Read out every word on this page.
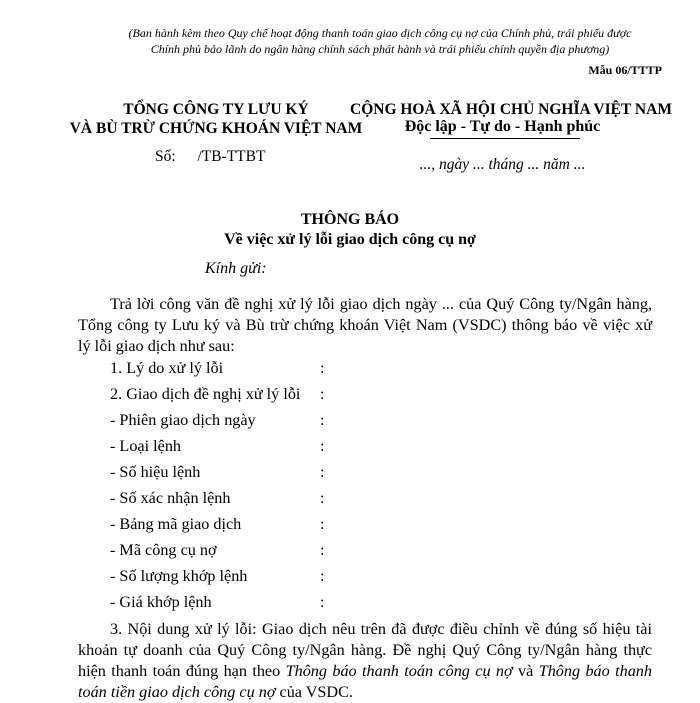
(Ban hành kèm theo Quy chế hoạt động thanh toán giao dịch công cụ nợ của Chính phủ, trái phiếu được
Chính phủ bảo lãnh do ngân hàng chính sách phát hành và trái phiếu chính quyền địa phương)
Mẫu 06/TTTP
TỔNG CÔNG TY LƯU KÝ
VÀ BÙ TRỪ CHỨNG KHOÁN VIỆT NAM
CỘNG HOÀ XÃ HỘI CHỦ NGHĨA VIỆT NAM
Độc lập - Tự do - Hạnh phúc
Số: /TB-TTBT	..., ngày ... tháng ... năm ...
THÔNG BÁO
Về việc xử lý lỗi giao dịch công cụ nợ
Kính gửi:
Trả lời công văn đề nghị xử lý lỗi giao dịch ngày ... của Quý Công ty/Ngân hàng,
Tổng công ty Lưu ký và Bù trừ chứng khoán Việt Nam (VSDC) thông báo về việc xử
lý lỗi giao dịch như sau:
1. Lý do xử lý lỗi	:
2. Giao dịch đề nghị xử lý lỗi :
- Phiên giao dịch ngày	:
- Loại lệnh	:
- Số hiệu lệnh	:
- Số xác nhận lệnh	:
- Bảng mã giao dịch	:
- Mã công cụ nợ	:
- Số lượng khớp lệnh	:
- Giá khớp lệnh	:
3. Nội dung xử lý lỗi: Giao dịch nêu trên đã được điều chỉnh về đúng số hiệu tài
khoản tự doanh của Quý Công ty/Ngân hàng. Đề nghị Quý Công ty/Ngân hàng thực
hiện thanh toán đúng hạn theo Thông báo thanh toán công cụ nợ và Thông báo thanh
toán tiền giao dịch công cụ nợ của VSDC.
